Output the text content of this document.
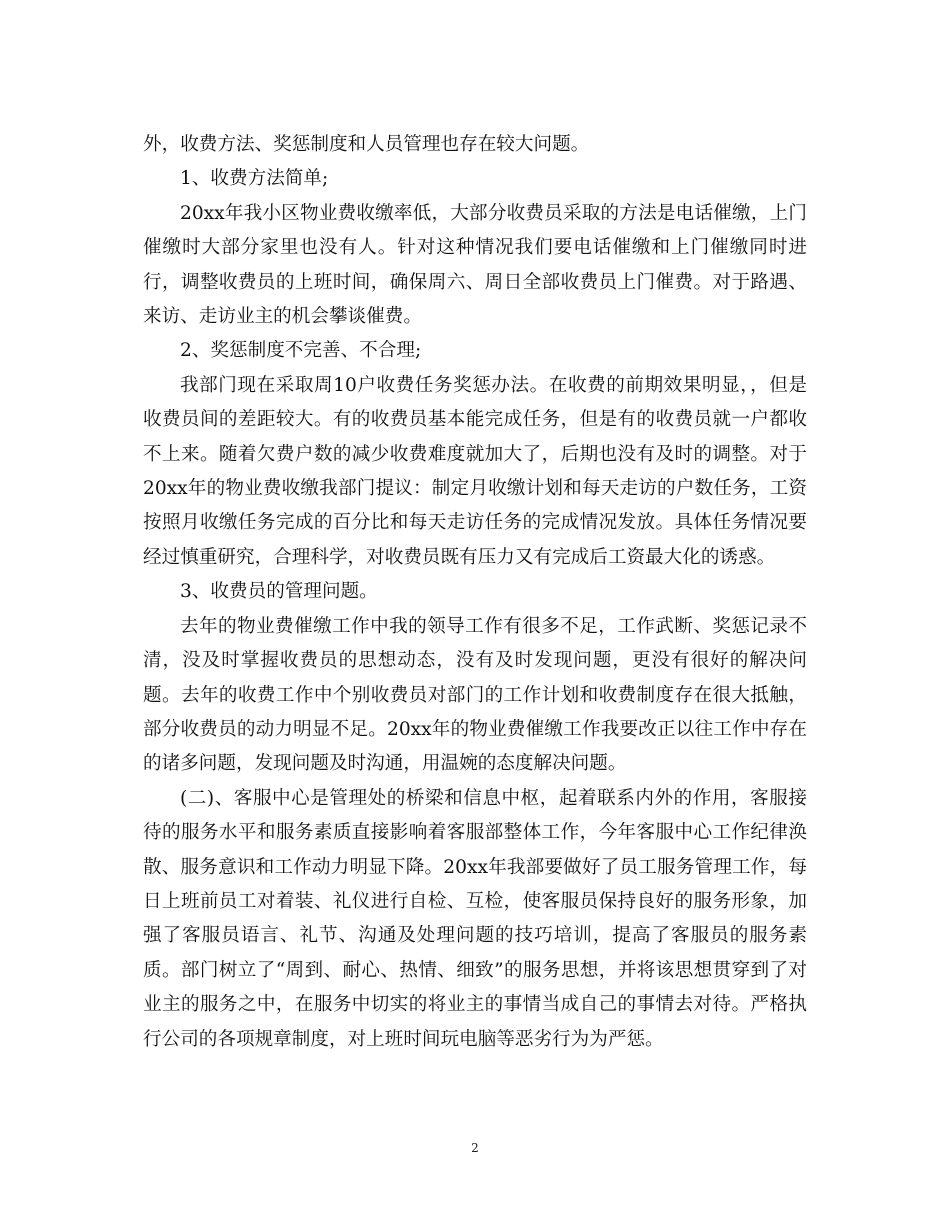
外，收费方法、奖惩制度和人员管理也存在较大问题。

1、收费方法简单;

20xx年我小区物业费收缴率低，大部分收费员采取的方法是电话催缴，上门催缴时大部分家里也没有人。针对这种情况我们要电话催缴和上门催缴同时进行，调整收费员的上班时间，确保周六、周日全部收费员上门催费。对于路遇、来访、走访业主的机会攀谈催费。

2、奖惩制度不完善、不合理;

我部门现在采取周10户收费任务奖惩办法。在收费的前期效果明显，，但是收费员间的差距较大。有的收费员基本能完成任务，但是有的收费员就一户都收不上来。随着欠费户数的减少收费难度就加大了，后期也没有及时的调整。对于20xx年的物业费收缴我部门提议：制定月收缴计划和每天走访的户数任务，工资按照月收缴任务完成的百分比和每天走访任务的完成情况发放。具体任务情况要经过慎重研究，合理科学，对收费员既有压力又有完成后工资最大化的诱惑。

3、收费员的管理问题。

去年的物业费催缴工作中我的领导工作有很多不足，工作武断、奖惩记录不清，没及时掌握收费员的思想动态，没有及时发现问题，更没有很好的解决问题。去年的收费工作中个别收费员对部门的工作计划和收费制度存在很大抵触，部分收费员的动力明显不足。20xx年的物业费催缴工作我要改正以往工作中存在的诸多问题，发现问题及时沟通，用温婉的态度解决问题。

(二)、客服中心是管理处的桥梁和信息中枢，起着联系内外的作用，客服接待的服务水平和服务素质直接影响着客服部整体工作，今年客服中心工作纪律涣散、服务意识和工作动力明显下降。20xx年我部要做好了员工服务管理工作，每日上班前员工对着装、礼仪进行自检、互检，使客服员保持良好的服务形象，加强了客服员语言、礼节、沟通及处理问题的技巧培训，提高了客服员的服务素质。部门树立了“周到、耐心、热情、细致”的服务思想，并将该思想贯穿到了对业主的服务之中，在服务中切实的将业主的事情当成自己的事情去对待。严格执行公司的各项规章制度，对上班时间玩电脑等恶劣行为为严惩。

2
